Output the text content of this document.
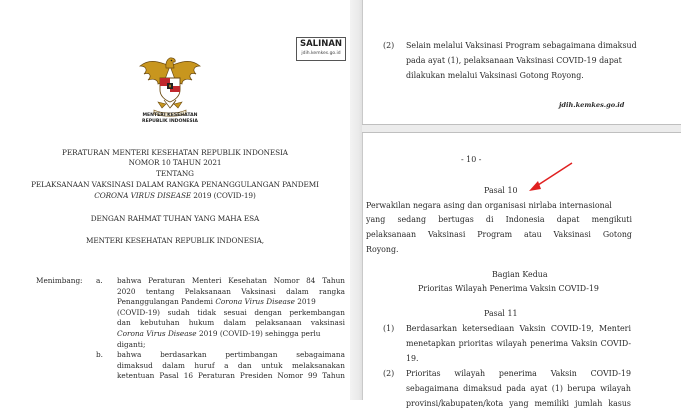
SALINAN
jdih.kemkes.go.id
MENTERI KESEHATAN
REPUBLIK INDONESIA
PERATURAN MENTERI KESEHATAN REPUBLIK INDONESIA
NOMOR 10 TAHUN 2021
TENTANG
PELAKSANAAN VAKSINASI DALAM RANGKA PENANGGULANGAN PANDEMI
CORONA VIRUS DISEASE 2019 (COVID-19)
DENGAN RAHMAT TUHAN YANG MAHA ESA
MENTERI KESEHATAN REPUBLIK INDONESIA,
Menimbang : a. bahwa Peraturan Menteri Kesehatan Nomor 84 Tahun
2020 tentang Pelaksanaan Vaksinasi dalam rangka
Penanggulangan Pandemi Corona Virus Disease 2019
(COVID-19) sudah tidak sesuai dengan perkembangan
dan kebutuhan hukum dalam pelaksanaan vaksinasi
Corona Virus Disease 2019 (COVID-19) sehingga perlu
diganti;
b. bahwa	berdasarkan	pertimbangan	sebagaimana
dimaksud dalam huruf a dan untuk melaksanakan
ketentuan Pasal 16 Peraturan Presiden Nomor 99 Tahun
(2) Selain melalui Vaksinasi Program sebagaimana dimaksud
pada ayat (1), pelaksanaan Vaksinasi COVID-19 dapat
dilakukan melalui Vaksinasi Gotong Royong.
jdih.kemkes.go.id
- 10 -
Pasal 10
Perwakilan negara asing dan organisasi nirlaba internasional
yang sedang bertugas di Indonesia dapat mengikuti
pelaksanaan Vaksinasi Program atau Vaksinasi Gotong
Royong.
Bagian Kedua
Prioritas Wilayah Penerima Vaksin COVID-19
Pasal 11
(1) Berdasarkan ketersediaan Vaksin COVID-19, Menteri
menetapkan prioritas wilayah penerima Vaksin COVID-
19.
(2) Prioritas wilayah penerima Vaksin COVID-19
sebagaimana dimaksud pada ayat (1) berupa wilayah
provinsi/kabupaten/kota yang memiliki jumlah kasus
